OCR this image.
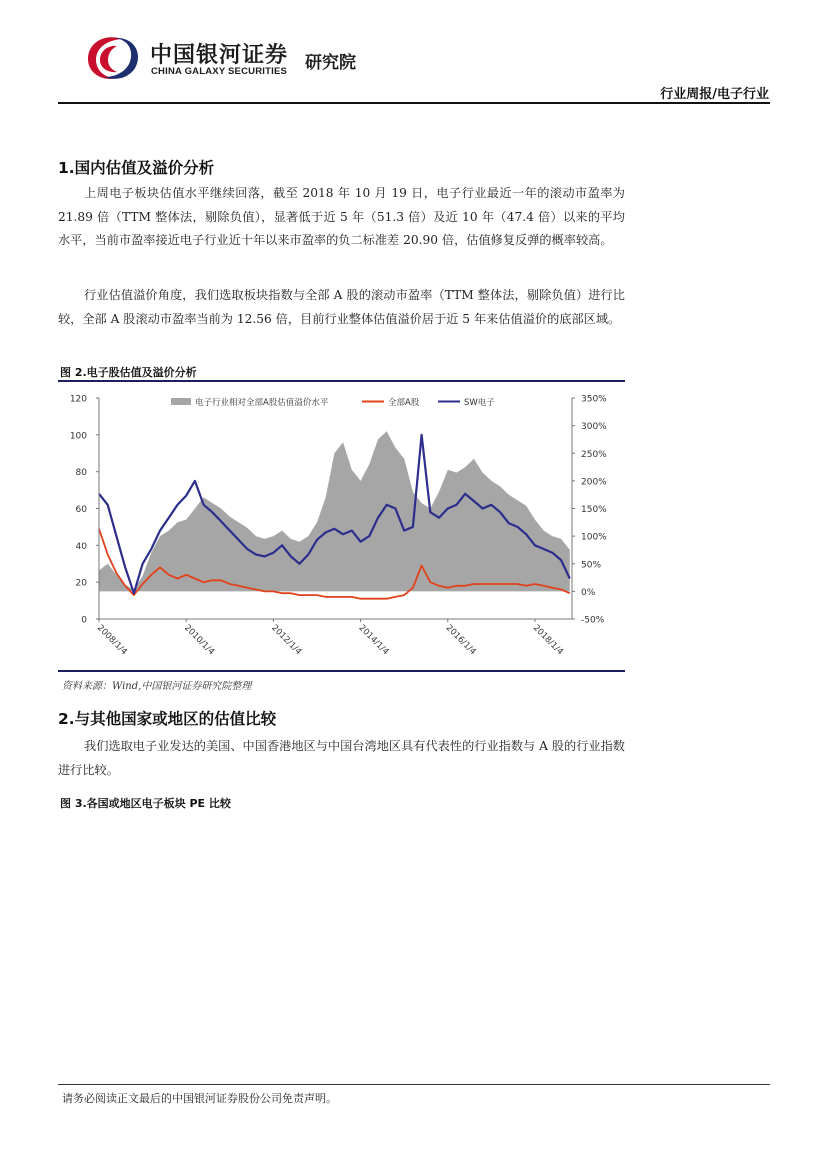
中国银河证券
CHINA GALAXY SECURITIES 研究院
行业周报/电子行业
1.国内估值及溢价分析

上周电子板块估值水平继续回落，截至 2018 年 10 月 19 日，电子行业最近一年的滚动市盈率为 21.89 倍（TTM 整体法，剔除负值），显著低于近 5 年（51.3 倍）及近 10 年（47.4 倍）以来的平均水平，当前市盈率接近电子行业近十年以来市盈率的负二标准差 20.90 倍，估值修复反弹的概率较高。

行业估值溢价角度，我们选取板块指数与全部 A 股的滚动市盈率（TTM 整体法，剔除负值）进行比较，全部 A 股滚动市盈率当前为 12.56 倍，目前行业整体估值溢价居于近 5 年来估值溢价的底部区域。

图 2.电子股估值及溢价分析
0
20
40
60
80
100
120
-50%
0%
50%
100%
150%
200%
250%
300%
350%
2008/1/4	2010/1/4	2012/1/4	2014/1/4	2016/1/4	2018/1/4
电子行业相对全部A股估值溢价水平	全部A股	SW电子
资料来源：Wind,中国银河证券研究院整理
2.与其他国家或地区的估值比较

我们选取电子业发达的美国、中国香港地区与中国台湾地区具有代表性的行业指数与 A 股的行业指数进行比较。

图 3.各国或地区电子板块 PE 比较
请务必阅读正文最后的中国银河证券股份公司免责声明。
